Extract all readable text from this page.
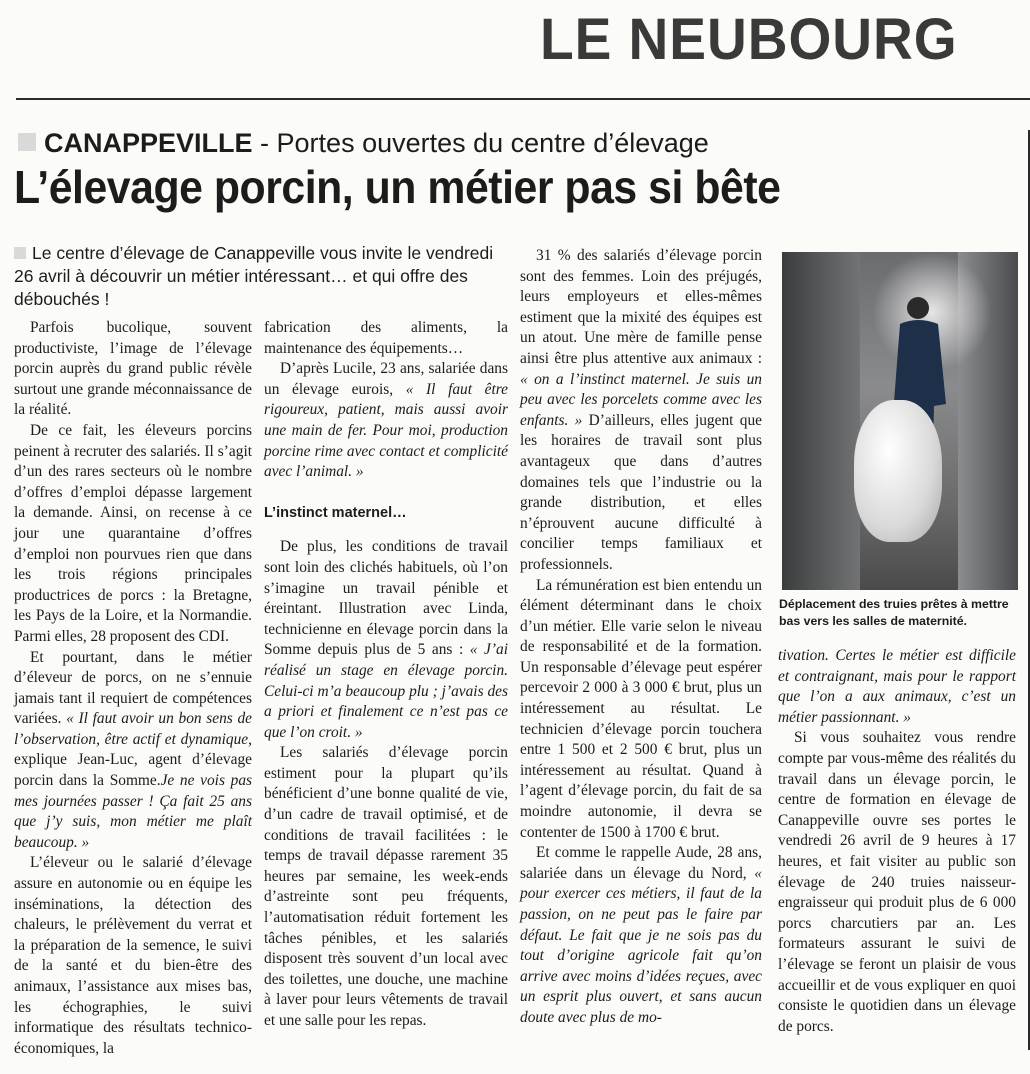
LE NEUBOURG
CANAPPEVILLE - Portes ouvertes du centre d’élevage
L’élevage porcin, un métier pas si bête
Le centre d’élevage de Canappeville vous invite le vendredi 26 avril à découvrir un métier intéressant… et qui offre des débouchés !

Parfois bucolique, souvent productiviste, l’image de l’élevage porcin auprès du grand public révèle surtout une grande méconnaissance de la réalité.

De ce fait, les éleveurs porcins peinent à recruter des salariés. Il s’agit d’un des rares secteurs où le nombre d’offres d’emploi dépasse largement la demande. Ainsi, on recense à ce jour une quarantaine d’offres d’emploi non pourvues rien que dans les trois régions principales productrices de porcs : la Bretagne, les Pays de la Loire, et la Normandie. Parmi elles, 28 proposent des CDI.

Et pourtant, dans le métier d’éleveur de porcs, on ne s’ennuie jamais tant il requiert de compétences variées. « Il faut avoir un bon sens de l’observation, être actif et dynamique, explique Jean-Luc, agent d’élevage porcin dans la Somme.Je ne vois pas mes journées passer ! Ça fait 25 ans que j’y suis, mon métier me plaît beaucoup. »

L’éleveur ou le salarié d’élevage assure en autonomie ou en équipe les inséminations, la détection des chaleurs, le prélèvement du verrat et la préparation de la semence, le suivi de la santé et du bien-être des animaux, l’assistance aux mises bas, les échographies, le suivi informatique des résultats technico-économiques, la

fabrication des aliments, la maintenance des équipements…

D’après Lucile, 23 ans, salariée dans un élevage eurois, « Il faut être rigoureux, patient, mais aussi avoir une main de fer. Pour moi, production porcine rime avec contact et complicité avec l’animal. »

L’instinct maternel…

De plus, les conditions de travail sont loin des clichés habituels, où l’on s’imagine un travail pénible et éreintant. Illustration avec Linda, technicienne en élevage porcin dans la Somme depuis plus de 5 ans : « J’ai réalisé un stage en élevage porcin. Celui-ci m’a beaucoup plu ; j’avais des a priori et finalement ce n’est pas ce que l’on croit. »

Les salariés d’élevage porcin estiment pour la plupart qu’ils bénéficient d’une bonne qualité de vie, d’un cadre de travail optimisé, et de conditions de travail facilitées : le temps de travail dépasse rarement 35 heures par semaine, les week-ends d’astreinte sont peu fréquents, l’automatisation réduit fortement les tâches pénibles, et les salariés disposent très souvent d’un local avec des toilettes, une douche, une machine à laver pour leurs vêtements de travail et une salle pour les repas.

31 % des salariés d’élevage porcin sont des femmes. Loin des préjugés, leurs employeurs et elles-mêmes estiment que la mixité des équipes est un atout. Une mère de famille pense ainsi être plus attentive aux animaux : « on a l’instinct maternel. Je suis un peu avec les porcelets comme avec les enfants. » D’ailleurs, elles jugent que les horaires de travail sont plus avantageux que dans d’autres domaines tels que l’industrie ou la grande distribution, et elles n’éprouvent aucune difficulté à concilier temps familiaux et professionnels.

La rémunération est bien entendu un élément déterminant dans le choix d’un métier. Elle varie selon le niveau de responsabilité et de la formation. Un responsable d’élevage peut espérer percevoir 2 000 à 3 000 € brut, plus un intéressement au résultat. Le technicien d’élevage porcin touchera entre 1 500 et 2 500 € brut, plus un intéressement au résultat. Quand à l’agent d’élevage porcin, du fait de sa moindre autonomie, il devra se contenter de 1500 à 1700 € brut.

Et comme le rappelle Aude, 28 ans, salariée dans un élevage du Nord, « pour exercer ces métiers, il faut de la passion, on ne peut pas le faire par défaut. Le fait que je ne sois pas du tout d’origine agricole fait qu’on arrive avec moins d’idées reçues, avec un esprit plus ouvert, et sans aucun doute avec plus de mo-

Déplacement des truies prêtes à mettre bas vers les salles de maternité.

tivation. Certes le métier est difficile et contraignant, mais pour le rapport que l’on a aux animaux, c’est un métier passionnant. »

Si vous souhaitez vous rendre compte par vous-même des réalités du travail dans un élevage porcin, le centre de formation en élevage de Canappeville ouvre ses portes le vendredi 26 avril de 9 heures à 17 heures, et fait visiter au public son élevage de 240 truies naisseur-engraisseur qui produit plus de 6 000 porcs charcutiers par an. Les formateurs assurant le suivi de l’élevage se feront un plaisir de vous accueillir et de vous expliquer en quoi consiste le quotidien dans un élevage de porcs.
